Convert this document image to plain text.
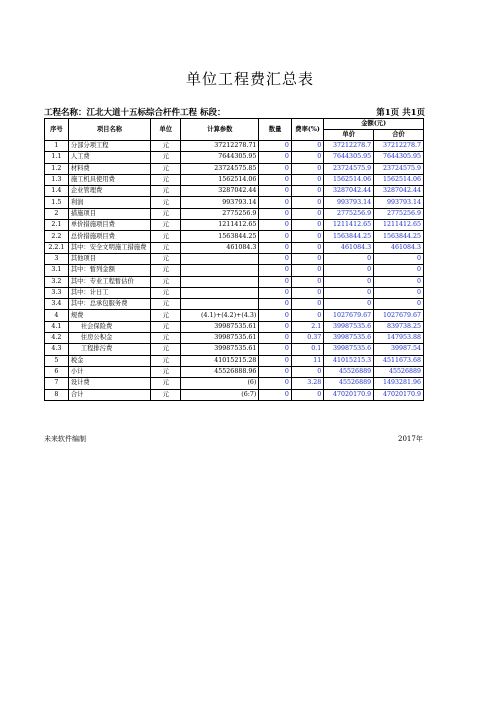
单位工程费汇总表
工程名称：江北大道十五标综合杆件工程 标段：	第1页 共1页
序号	项目名称	单位	计算参数	数量	费率(%)	金额(元)	
						单价	合价
1	分部分项工程	元	37212278.71	0	0	37212278.7	37212278.7
1.1	人工费	元	7644305.95	0	0	7644305.95	7644305.95
1.2	材料费	元	23724575.85	0	0	23724575.9	23724575.9
1.3	施工机具使用费	元	1562514.06	0	0	1562514.06	1562514.06
1.4	企业管理费	元	3287042.44	0	0	3287042.44	3287042.44
1.5	利润	元	993793.14	0	0	993793.14	993793.14
2	措施项目	元	2775256.9	0	0	2775256.9	2775256.9
2.1	单价措施项目费	元	1211412.65	0	0	1211412.65	1211412.65
2.2	总价措施项目费	元	1563844.25	0	0	1563844.25	1563844.25
2.2.1	其中：安全文明施工措施费	元	461084.3	0	0	461084.3	461084.3
3	其他项目	元		0	0	0	0
3.1	其中：暂列金额	元		0	0	0	0
3.2	其中：专业工程暂估价	元		0	0	0	0
3.3	其中：计日工	元		0	0	0	0
3.4	其中：总承包服务费	元		0	0	0	0
4	规费	元	(4.1)+(4.2)+(4.3)	0	0	1027679.67	1027679.67
4.1	社会保险费	元	39987535.61	0	2.1	39987535.6	839738.25
4.2	住房公积金	元	39987535.61	0	0.37	39987535.6	147953.88
4.3	工程排污费	元	39987535.61	0	0.1	39987535.6	39987.54
5	税金	元	41015215.28	0	11	41015215.3	4511673.68
6	小计	元	45526888.96	0	0	45526889	45526889
7	设计费	元	(6)	0	3.28	45526889	1493281.96
8	合计	元	(6:7)	0	0	47020170.9	47020170.9
未来软件编制	2017年
